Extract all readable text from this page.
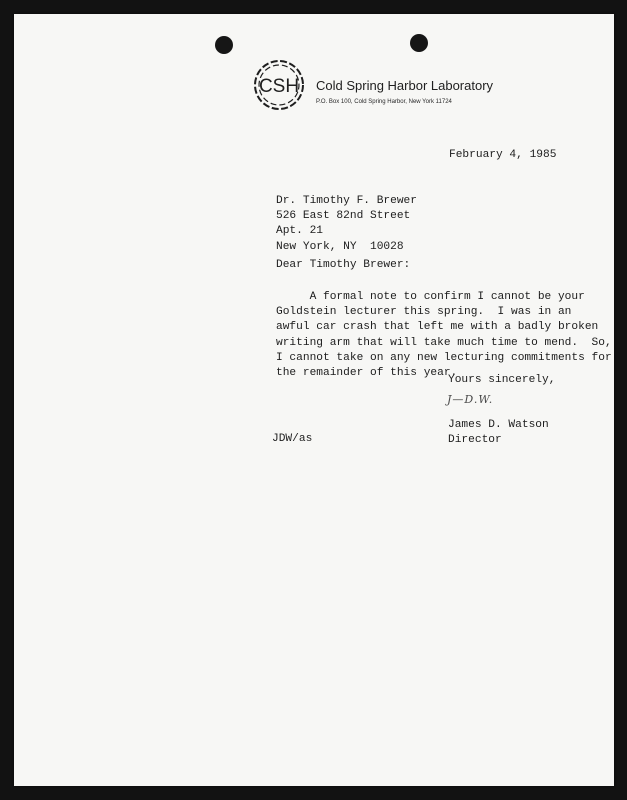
CSH Cold Spring Harbor Laboratory
P.O. Box 100, Cold Spring Harbor, New York 11724
February 4, 1985
Dr. Timothy F. Brewer
526 East 82nd Street
Apt. 21
New York, NY  10028
Dear Timothy Brewer:
A formal note to confirm I cannot be your
Goldstein lecturer this spring.  I was in an
awful car crash that left me with a badly broken
writing arm that will take much time to mend.  So,
I cannot take on any new lecturing commitments for
the remainder of this year.
Yours sincerely,
J—D.W.
James D. Watson
Director
JDW/as
